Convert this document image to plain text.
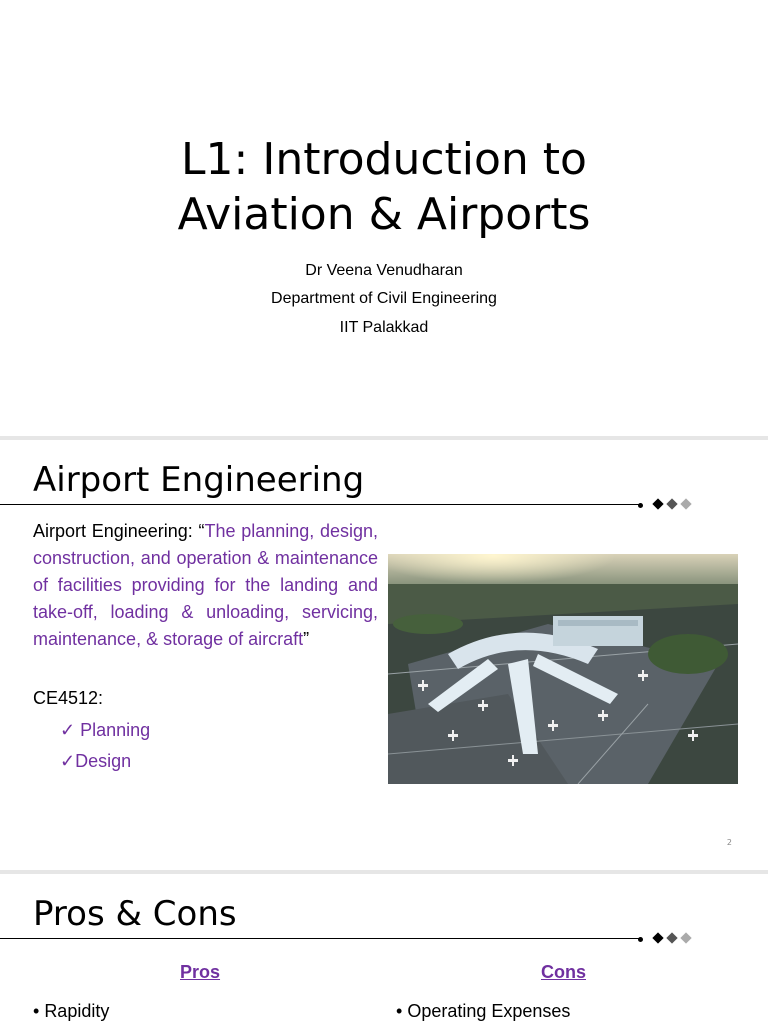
L1: Introduction to
Aviation & Airports
Dr Veena Venudharan
Department of Civil Engineering
IIT Palakkad
Airport Engineering
Airport Engineering: “The planning, design, construction, and operation & maintenance of facilities providing for the landing and take-off, loading & unloading, servicing, maintenance, & storage of aircraft”
CE4512:
✓ Planning
✓Design
2
Pros & Cons
Pros	Cons
• Rapidity	• Operating Expenses
